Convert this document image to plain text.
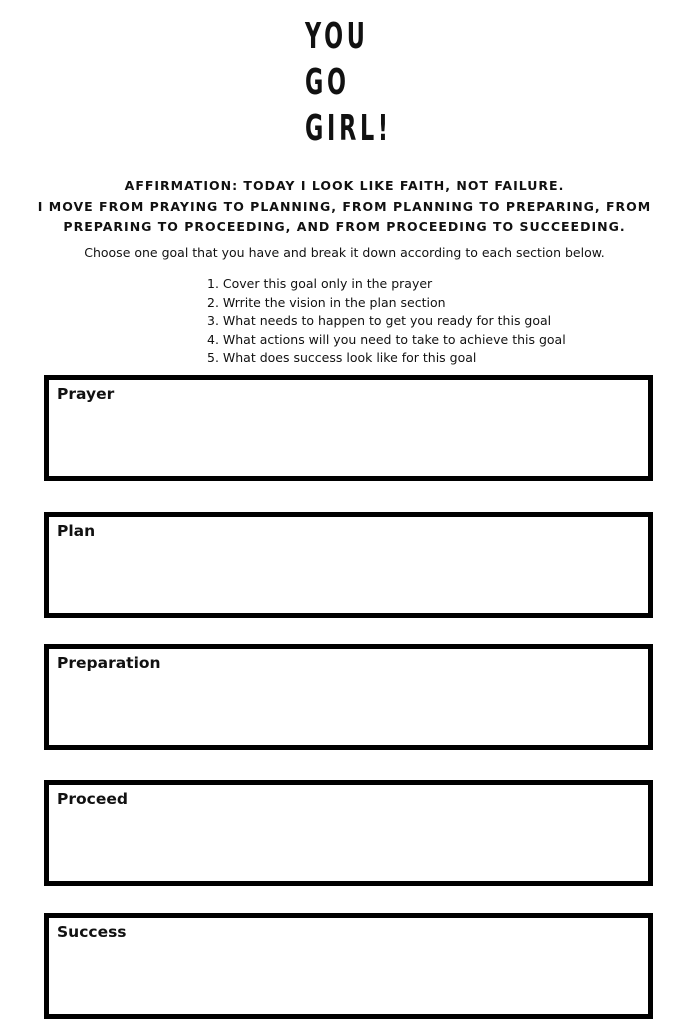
YOU
GO
GIRL!

AFFIRMATION: TODAY I LOOK LIKE FAITH, NOT FAILURE.
I MOVE FROM PRAYING TO PLANNING, FROM PLANNING TO PREPARING, FROM
PREPARING TO PROCEEDING, AND FROM PROCEEDING TO SUCCEEDING.

Choose one goal that you have and break it down according to each section below.

1. Cover this goal only in the prayer
2. Wrrite the vision in the plan section
3. What needs to happen to get you ready for this goal
4. What actions will you need to take to achieve this goal
5. What does success look like for this goal
Prayer
Plan
Preparation
Proceed
Success
